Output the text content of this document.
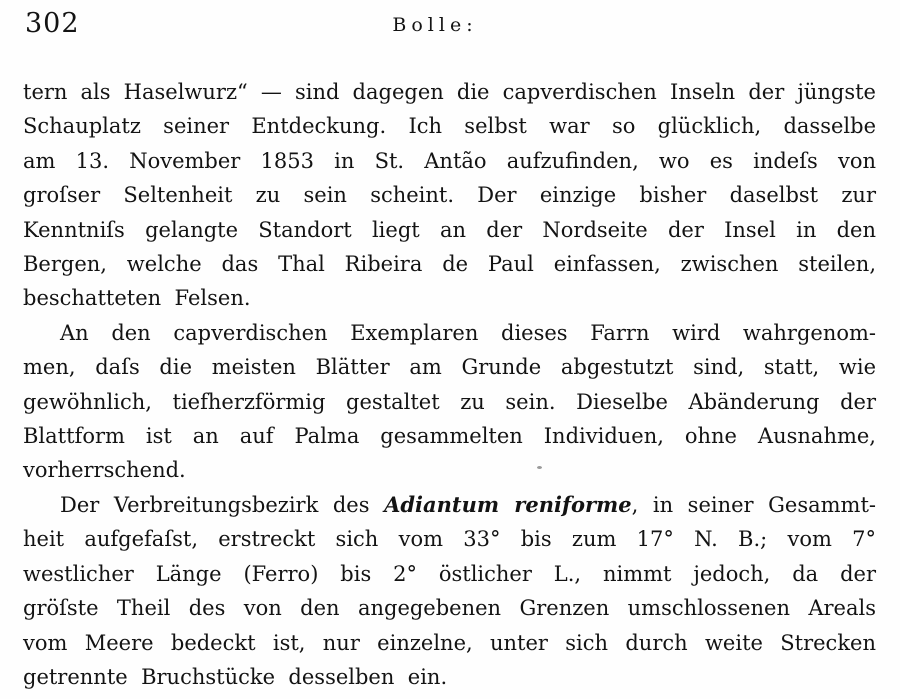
302	Bolle:
tern als Haselwurz“ — sind dagegen die capverdischen Inseln der jüngste
Schauplatz seiner Entdeckung. Ich selbst war so glücklich, dasselbe
am 13. November 1853 in St. Antão aufzufinden, wo es indeſs von
groſser Seltenheit zu sein scheint. Der einzige bisher daselbst zur
Kenntniſs gelangte Standort liegt an der Nordseite der Insel in den
Bergen, welche das Thal Ribeira de Paul einfassen, zwischen steilen,
beschatteten Felsen.
An den capverdischen Exemplaren dieses Farrn wird wahrgenom-
men, daſs die meisten Blätter am Grunde abgestutzt sind, statt, wie
gewöhnlich, tiefherzförmig gestaltet zu sein. Dieselbe Abänderung der
Blattform ist an auf Palma gesammelten Individuen, ohne Ausnahme,
vorherrschend.
Der Verbreitungsbezirk des Adiantum reniforme, in seiner Gesammt-
heit aufgefaſst, erstreckt sich vom 33° bis zum 17° N. B.; vom 7°
westlicher Länge (Ferro) bis 2° östlicher L., nimmt jedoch, da der
gröſste Theil des von den angegebenen Grenzen umschlossenen Areals
vom Meere bedeckt ist, nur einzelne, unter sich durch weite Strecken
getrennte Bruchstücke desselben ein.
